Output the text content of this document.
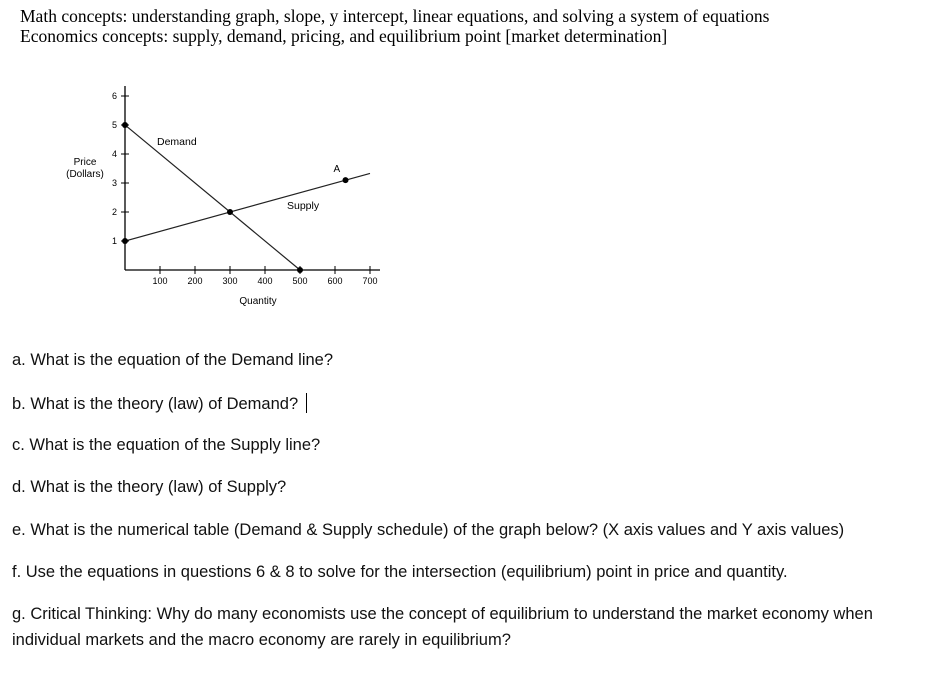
Math concepts: understanding graph, slope, y intercept, linear equations, and solving a system of equations
Economics concepts: supply, demand, pricing, and equilibrium point [market determination]
1
2
3
4
5
6
100 200 300 400 500 600 700
Demand
Supply
A
Price
(Dollars)
Quantity
a. What is the equation of the Demand line?
b. What is the theory (law) of Demand?
c. What is the equation of the Supply line?
d. What is the theory (law) of Supply?
e. What is the numerical table (Demand & Supply schedule) of the graph below? (X axis values and Y axis values)
f. Use the equations in questions 6 & 8 to solve for the intersection (equilibrium) point in price and quantity.
g. Critical Thinking: Why do many economists use the concept of equilibrium to understand the market economy when individual markets and the macro economy are rarely in equilibrium?
